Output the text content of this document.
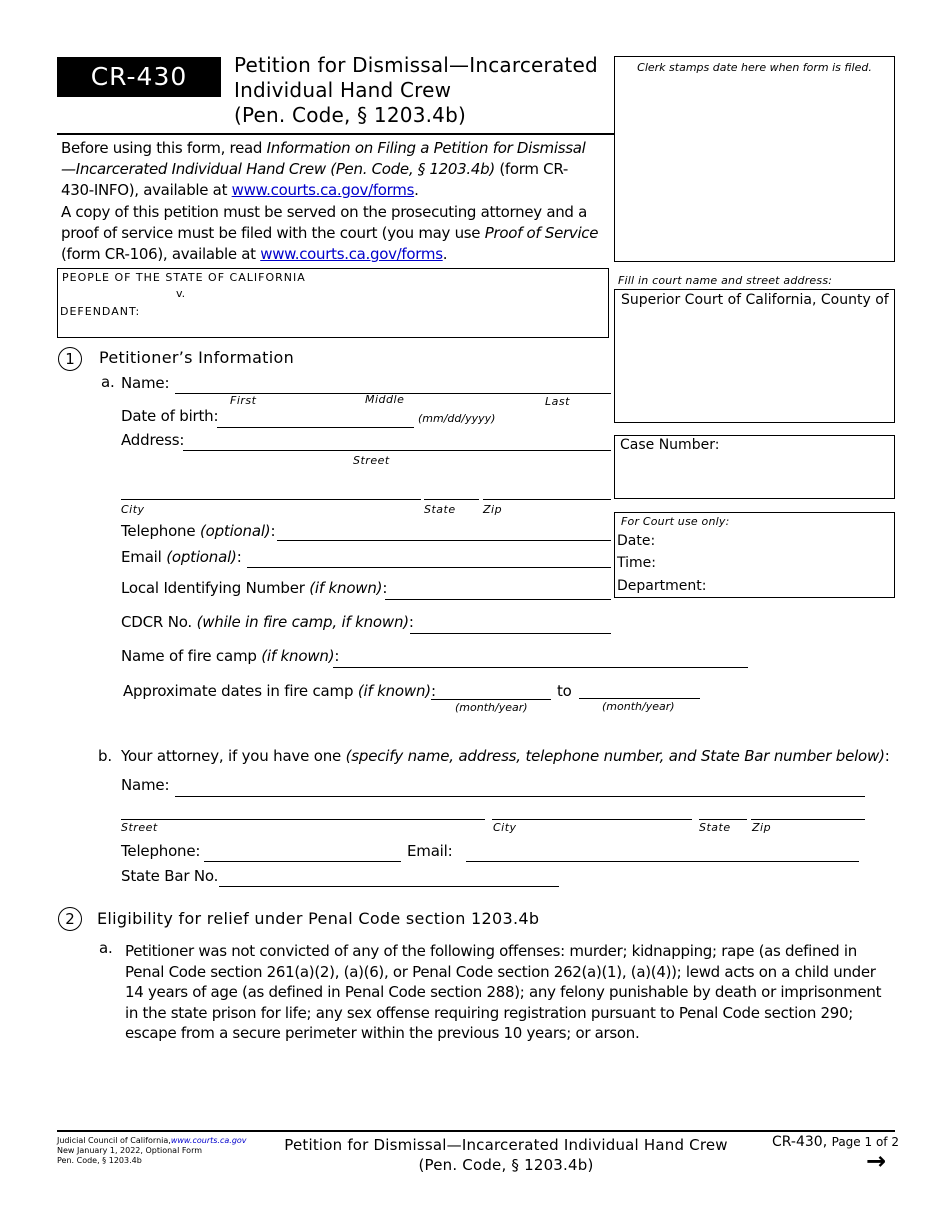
CR-430	Petition for Dismissal—Incarcerated
Individual Hand Crew
(Pen. Code, § 1203.4b)
Clerk stamps date here when form is filed.
Before using this form, read Information on Filing a Petition for Dismissal—Incarcerated Individual Hand Crew (Pen. Code, § 1203.4b) (form CR-430-INFO), available at www.courts.ca.gov/forms.
A copy of this petition must be served on the prosecuting attorney and a proof of service must be filed with the court (you may use Proof of Service (form CR-106), available at www.courts.ca.gov/forms.
PEOPLE OF THE STATE OF CALIFORNIA
v.
DEFENDANT:
Fill in court name and street address:
Superior Court of California, County of
Case Number:
For Court use only:
Date:
Time:
Department:
1	Petitioner’s Information
a. Name:
First	Middle	Last
Date of birth:	(mm/dd/yyyy)
Address:
Street
City	State Zip
Telephone (optional):
Email (optional):
Local Identifying Number (if known):
CDCR No. (while in fire camp, if known):
Name of fire camp (if known):
Approximate dates in fire camp (if known):	to
(month/year)	(month/year)
b. Your attorney, if you have one (specify name, address, telephone number, and State Bar number below):
Name:
Street	City	State Zip
Telephone:	Email:
State Bar No.
2	Eligibility for relief under Penal Code section 1203.4b
a. Petitioner was not convicted of any of the following offenses: murder; kidnapping; rape (as defined in Penal Code section 261(a)(2), (a)(6), or Penal Code section 262(a)(1), (a)(4)); lewd acts on a child under 14 years of age (as defined in Penal Code section 288); any felony punishable by death or imprisonment in the state prison for life; any sex offense requiring registration pursuant to Penal Code section 290; escape from a secure perimeter within the previous 10 years; or arson.
Judicial Council of California,www.courts.ca.gov
New January 1, 2022, Optional Form
Pen. Code, § 1203.4b
Petition for Dismissal—Incarcerated Individual Hand Crew
(Pen. Code, § 1203.4b)
CR-430, Page 1 of 2
→
